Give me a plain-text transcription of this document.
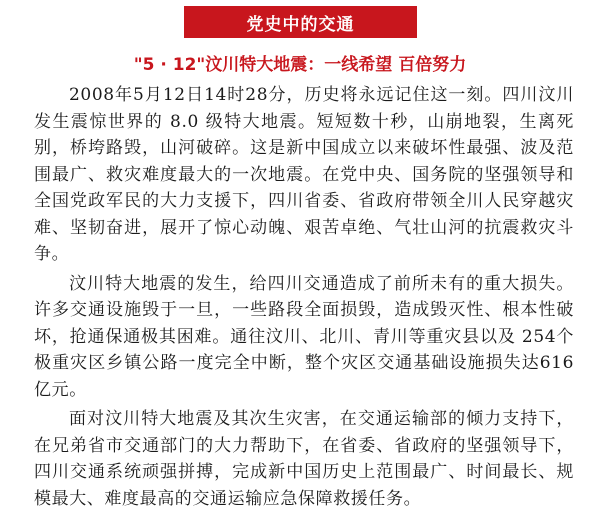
党史中的交通
"5 · 12"汶川特大地震：一线希望 百倍努力

2008年5月12日14时28分，历史将永远记住这一刻。四川汶川发生震惊世界的 8.0 级特大地震。短短数十秒，山崩地裂，生离死别，桥垮路毁，山河破碎。这是新中国成立以来破坏性最强、波及范围最广、救灾难度最大的一次地震。在党中央、国务院的坚强领导和全国党政军民的大力支援下，四川省委、省政府带领全川人民穿越灾难、坚韧奋进，展开了惊心动魄、艰苦卓绝、气壮山河的抗震救灾斗争。

汶川特大地震的发生，给四川交通造成了前所未有的重大损失。许多交通设施毁于一旦，一些路段全面损毁，造成毁灭性、根本性破坏，抢通保通极其困难。通往汶川、北川、青川等重灾县以及 254个极重灾区乡镇公路一度完全中断，整个灾区交通基础设施损失达616亿元。

面对汶川特大地震及其次生灾害，在交通运输部的倾力支持下，在兄弟省市交通部门的大力帮助下，在省委、省政府的坚强领导下，四川交通系统顽强拼搏，完成新中国历史上范围最广、时间最长、规模最大、难度最高的交通运输应急保障救援任务。
